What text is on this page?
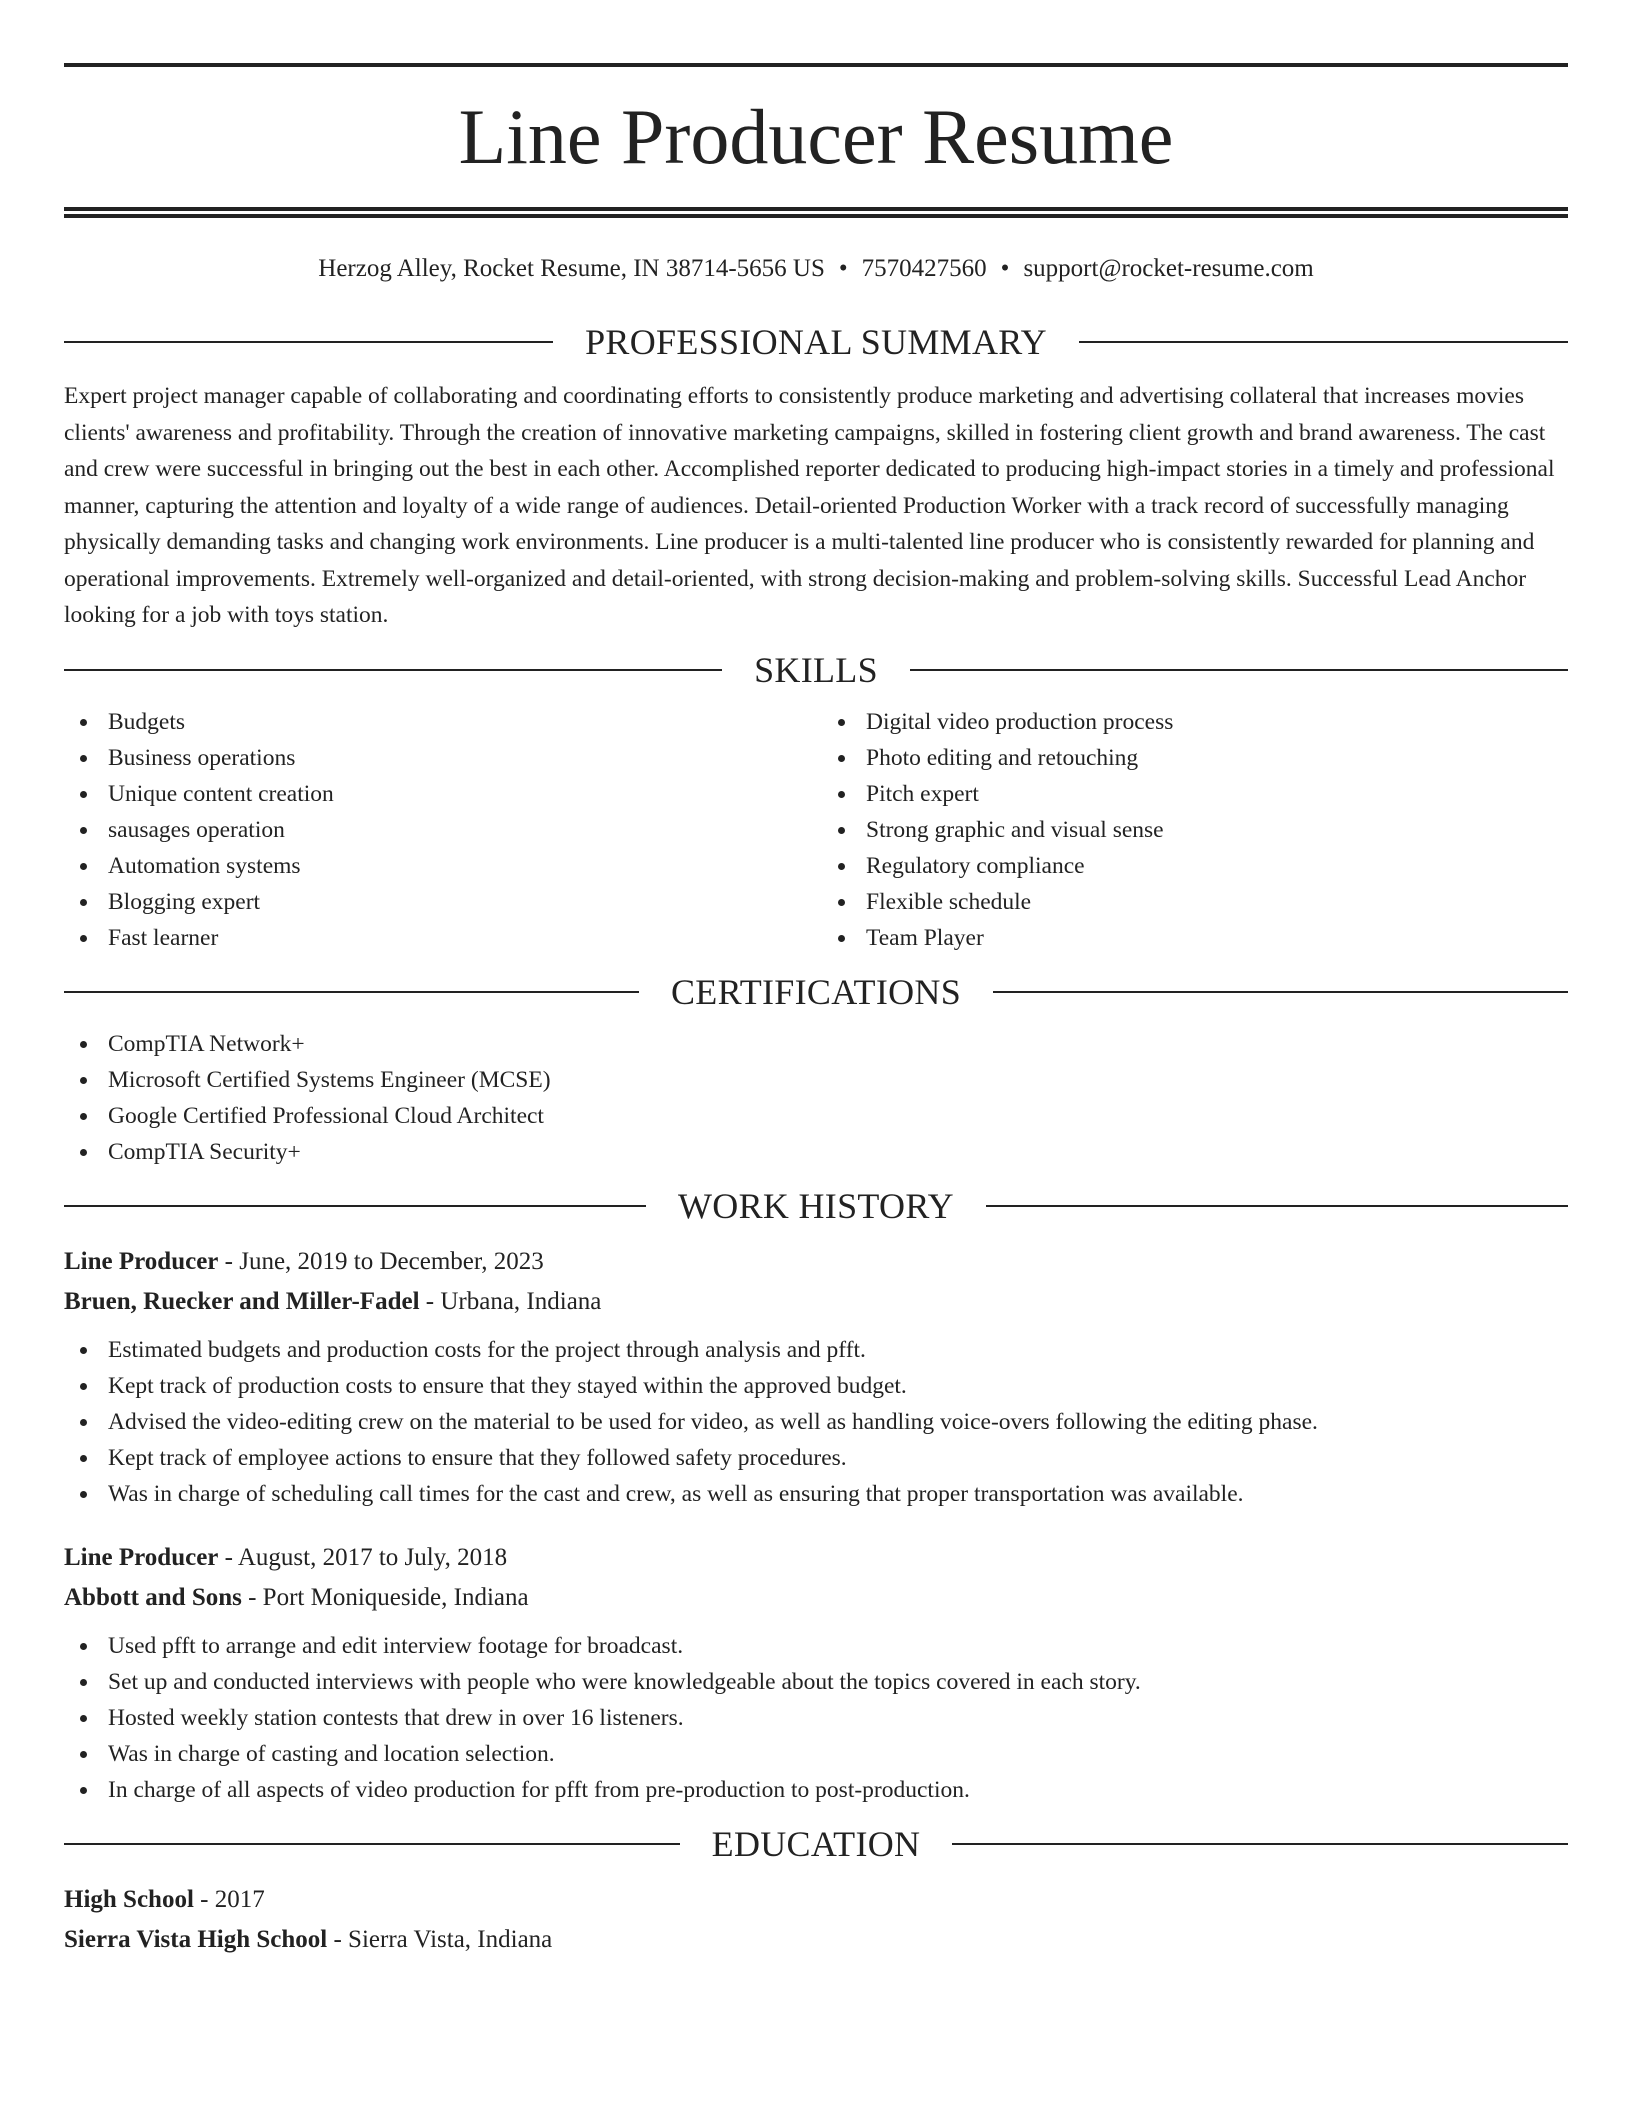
Line Producer Resume
Herzog Alley, Rocket Resume, IN 38714-5656 US • 7570427560 • support@rocket-resume.com
PROFESSIONAL SUMMARY

Expert project manager capable of collaborating and coordinating efforts to consistently produce marketing and advertising collateral that increases movies clients' awareness and profitability. Through the creation of innovative marketing campaigns, skilled in fostering client growth and brand awareness. The cast and crew were successful in bringing out the best in each other. Accomplished reporter dedicated to producing high-impact stories in a timely and professional manner, capturing the attention and loyalty of a wide range of audiences. Detail-oriented Production Worker with a track record of successfully managing physically demanding tasks and changing work environments. Line producer is a multi-talented line producer who is consistently rewarded for planning and operational improvements. Extremely well-organized and detail-oriented, with strong decision-making and problem-solving skills. Successful Lead Anchor looking for a job with toys station.

SKILLS
Budgets
Business operations
Unique content creation
sausages operation
Automation systems
Blogging expert
Fast learner
Digital video production process
Photo editing and retouching
Pitch expert
Strong graphic and visual sense
Regulatory compliance
Flexible schedule
Team Player
CERTIFICATIONS
CompTIA Network+
Microsoft Certified Systems Engineer (MCSE)
Google Certified Professional Cloud Architect
CompTIA Security+
WORK HISTORY
Line Producer - June, 2019 to December, 2023
Bruen, Ruecker and Miller-Fadel - Urbana, Indiana
Estimated budgets and production costs for the project through analysis and pfft.
Kept track of production costs to ensure that they stayed within the approved budget.
Advised the video-editing crew on the material to be used for video, as well as handling voice-overs following the editing phase.
Kept track of employee actions to ensure that they followed safety procedures.
Was in charge of scheduling call times for the cast and crew, as well as ensuring that proper transportation was available.
Line Producer - August, 2017 to July, 2018
Abbott and Sons - Port Moniqueside, Indiana
Used pfft to arrange and edit interview footage for broadcast.
Set up and conducted interviews with people who were knowledgeable about the topics covered in each story.
Hosted weekly station contests that drew in over 16 listeners.
Was in charge of casting and location selection.
In charge of all aspects of video production for pfft from pre-production to post-production.
EDUCATION
High School - 2017
Sierra Vista High School - Sierra Vista, Indiana
